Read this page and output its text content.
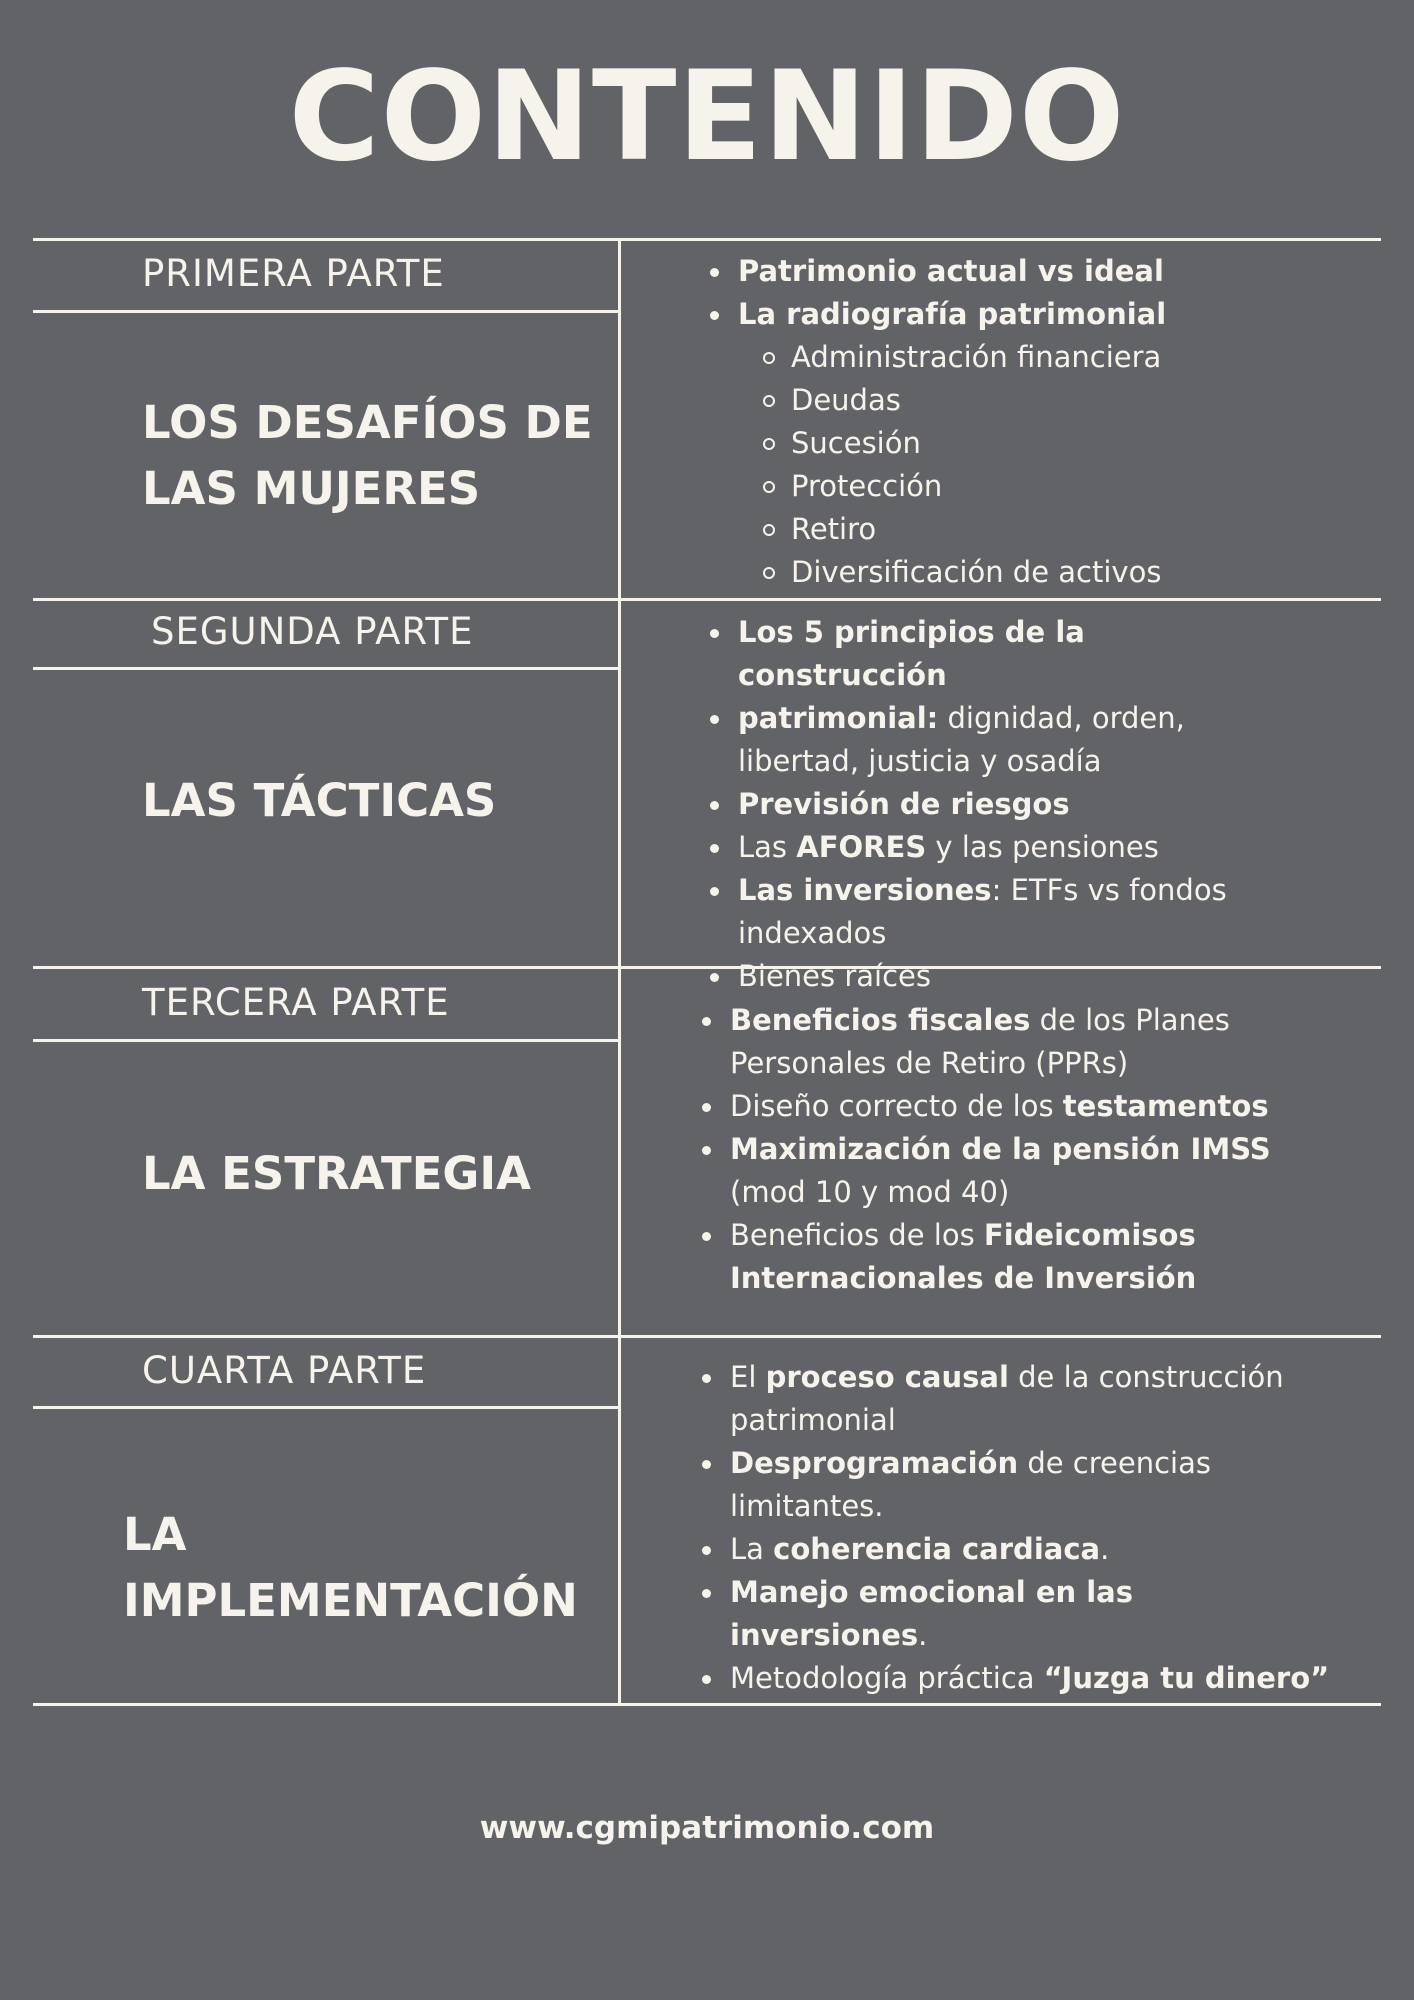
CONTENIDO
PRIMERA PARTE
LOS DESAFÍOS DE LAS MUJERES
Patrimonio actual vs ideal
La radiografía patrimonial
Administración financiera
Deudas
Sucesión
Protección
Retiro
Diversificación de activos
SEGUNDA PARTE
LAS TÁCTICAS
Los 5 principios de la construcción
patrimonial: dignidad, orden, libertad, justicia y osadía
Previsión de riesgos
Las AFORES y las pensiones
Las inversiones: ETFs vs fondos indexados
Bienes raíces
TERCERA PARTE
LA ESTRATEGIA
Beneficios fiscales de los Planes Personales de Retiro (PPRs)
Diseño correcto de los testamentos
Maximización de la pensión IMSS (mod 10 y mod 40)
Beneficios de los Fideicomisos Internacionales de Inversión
CUARTA PARTE
LA IMPLEMENTACIÓN
El proceso causal de la construcción patrimonial
Desprogramación de creencias limitantes.
La coherencia cardiaca.
Manejo emocional en las inversiones.
Metodología práctica “Juzga tu dinero”
www.cgmipatrimonio.com
